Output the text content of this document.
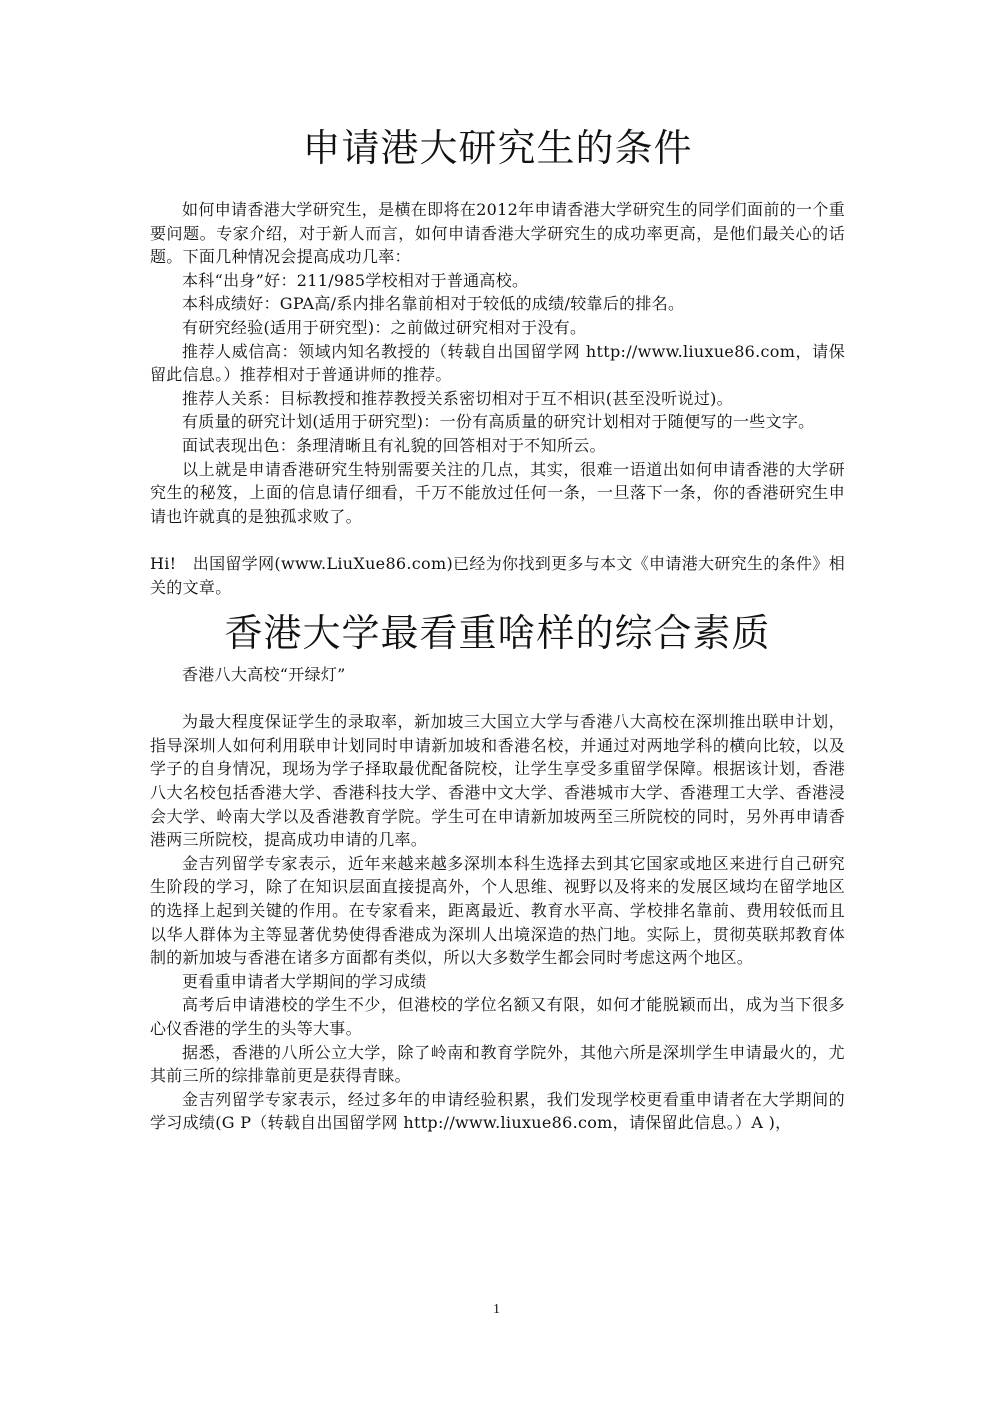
申请港大研究生的条件

如何申请香港大学研究生，是横在即将在2012年申请香港大学研究生的同学们面前的一个重要问题。专家介绍，对于新人而言，如何申请香港大学研究生的成功率更高，是他们最关心的话题。下面几种情况会提高成功几率：

本科“出身”好：211/985学校相对于普通高校。

本科成绩好：GPA高/系内排名靠前相对于较低的成绩/较靠后的排名。

有研究经验(适用于研究型)：之前做过研究相对于没有。

推荐人威信高：领域内知名教授的（转载自出国留学网 http://www.liuxue86.com，请保留此信息。）推荐相对于普通讲师的推荐。

推荐人关系：目标教授和推荐教授关系密切相对于互不相识(甚至没听说过)。

有质量的研究计划(适用于研究型)：一份有高质量的研究计划相对于随便写的一些文字。

面试表现出色：条理清晰且有礼貌的回答相对于不知所云。

以上就是申请香港研究生特别需要关注的几点，其实，很难一语道出如何申请香港的大学研究生的秘笈，上面的信息请仔细看，千万不能放过任何一条，一旦落下一条，你的香港研究生申请也许就真的是独孤求败了。

Hi!　出国留学网(www.LiuXue86.com)已经为你找到更多与本文《申请港大研究生的条件》相关的文章。

香港大学最看重啥样的综合素质

香港八大高校“开绿灯”

为最大程度保证学生的录取率，新加坡三大国立大学与香港八大高校在深圳推出联申计划，指导深圳人如何利用联申计划同时申请新加坡和香港名校，并通过对两地学科的横向比较，以及学子的自身情况，现场为学子择取最优配备院校，让学生享受多重留学保障。根据该计划，香港八大名校包括香港大学、香港科技大学、香港中文大学、香港城市大学、香港理工大学、香港浸会大学、岭南大学以及香港教育学院。学生可在申请新加坡两至三所院校的同时，另外再申请香港两三所院校，提高成功申请的几率。

金吉列留学专家表示，近年来越来越多深圳本科生选择去到其它国家或地区来进行自己研究生阶段的学习，除了在知识层面直接提高外，个人思维、视野以及将来的发展区域均在留学地区的选择上起到关键的作用。在专家看来，距离最近、教育水平高、学校排名靠前、费用较低而且以华人群体为主等显著优势使得香港成为深圳人出境深造的热门地。实际上，贯彻英联邦教育体制的新加坡与香港在诸多方面都有类似，所以大多数学生都会同时考虑这两个地区。

更看重申请者大学期间的学习成绩

高考后申请港校的学生不少，但港校的学位名额又有限，如何才能脱颖而出，成为当下很多心仪香港的学生的头等大事。

据悉，香港的八所公立大学，除了岭南和教育学院外，其他六所是深圳学生申请最火的，尤其前三所的综排靠前更是获得青睐。

金吉列留学专家表示，经过多年的申请经验积累，我们发现学校更看重申请者在大学期间的学习成绩(G P（转载自出国留学网 http://www.liuxue86.com，请保留此信息。）A )，

1
